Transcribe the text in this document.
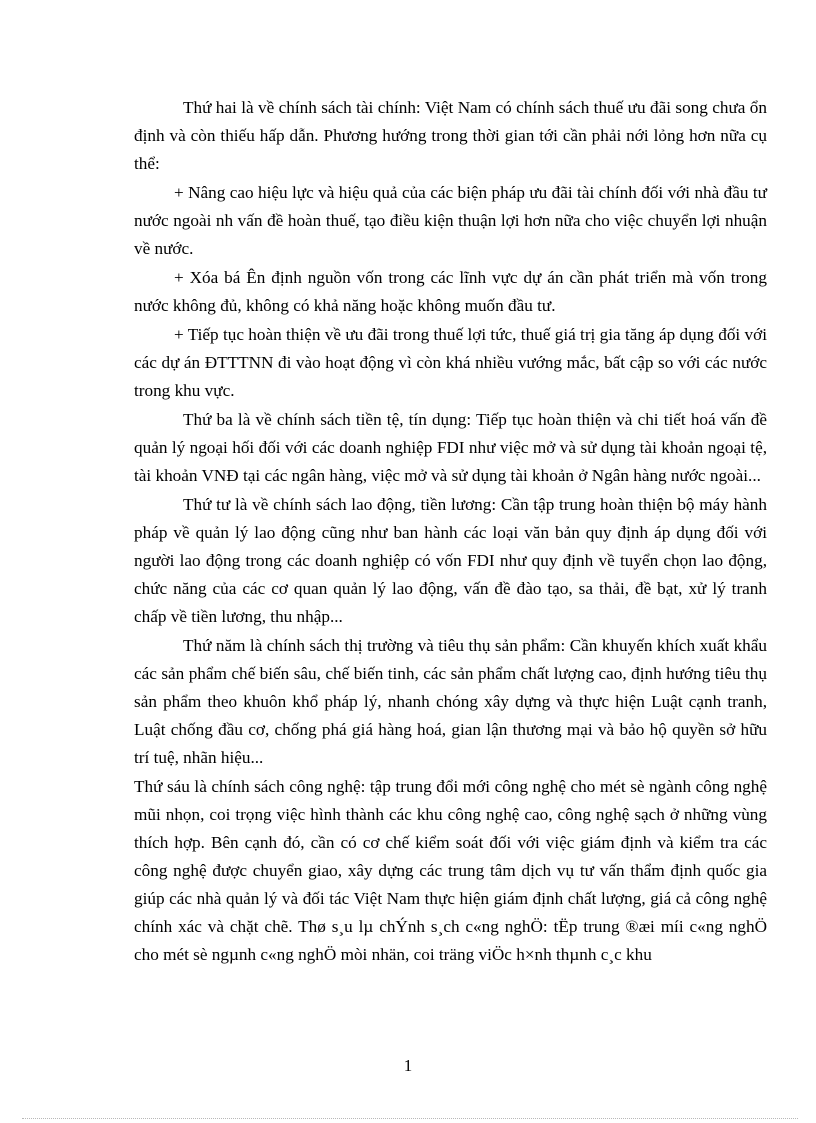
Thứ hai là về chính sách tài chính: Việt Nam có chính sách thuế ưu đãi song chưa ổn định và còn thiếu hấp dẫn. Phương hướng trong thời gian tới cần phải nới lỏng hơn nữa cụ thể:

+ Nâng cao hiệu lực và hiệu quả của các biện pháp ưu đãi tài chính đối với nhà đầu tư nước ngoài nh vấn đề hoàn thuế, tạo điều kiện thuận lợi hơn nữa cho việc chuyển lợi nhuận về nước.

+ Xóa bá Ên định nguồn vốn trong các lĩnh vực dự án cần phát triển mà vốn trong nước không đủ, không có khả năng hoặc không muốn đầu tư.

+ Tiếp tục hoàn thiện về ưu đãi trong thuế lợi tức, thuế giá trị gia tăng áp dụng đối với các dự án ĐTTTNN đi vào hoạt động vì còn khá nhiều vướng mắc, bất cập so với các nước trong khu vực.

Thứ ba là về chính sách tiền tệ, tín dụng: Tiếp tục hoàn thiện và chi tiết hoá vấn đề quản lý ngoại hối đối với các doanh nghiệp FDI như việc mở và sử dụng tài khoản ngoại tệ, tài khoản VNĐ tại các ngân hàng, việc mở và sử dụng tài khoản ở Ngân hàng nước ngoài...

Thứ tư là về chính sách lao động, tiền lương: Cần tập trung hoàn thiện bộ máy hành pháp về quản lý lao động cũng như ban hành các loại văn bản quy định áp dụng đối với người lao động trong các doanh nghiệp có vốn FDI như quy định về tuyển chọn lao động, chức năng của các cơ quan quản lý lao động, vấn đề đào tạo, sa thải, đề bạt, xử lý tranh chấp về tiền lương, thu nhập...

Thứ năm là chính sách thị trường và tiêu thụ sản phẩm: Cần khuyến khích xuất khẩu các sản phẩm chế biến sâu, chế biến tinh, các sản phẩm chất lượng cao, định hướng tiêu thụ sản phẩm theo khuôn khổ pháp lý, nhanh chóng xây dựng và thực hiện Luật cạnh tranh, Luật chống đầu cơ, chống phá giá hàng hoá, gian lận thương mại và bảo hộ quyền sở hữu trí tuệ, nhãn hiệu...

Thứ sáu là chính sách công nghệ: tập trung đổi mới công nghệ cho mét sè ngành công nghệ mũi nhọn, coi trọng việc hình thành các khu công nghệ cao, công nghệ sạch ở những vùng thích hợp. Bên cạnh đó, cần có cơ chế kiểm soát đối với việc giám định và kiểm tra các công nghệ được chuyển giao, xây dựng các trung tâm dịch vụ tư vấn thẩm định quốc gia giúp các nhà quản lý và đối tác Việt Nam thực hiện giám định chất lượng, giá cả công nghệ chính xác và chặt chẽ. Thø s¸u lµ chÝnh s¸ch c«ng nghÖ: tËp trung ®æi míi c«ng nghÖ cho mét sè ngµnh c«ng nghÖ mòi nhän, coi träng viÖc h×nh thµnh c¸c khu

1
